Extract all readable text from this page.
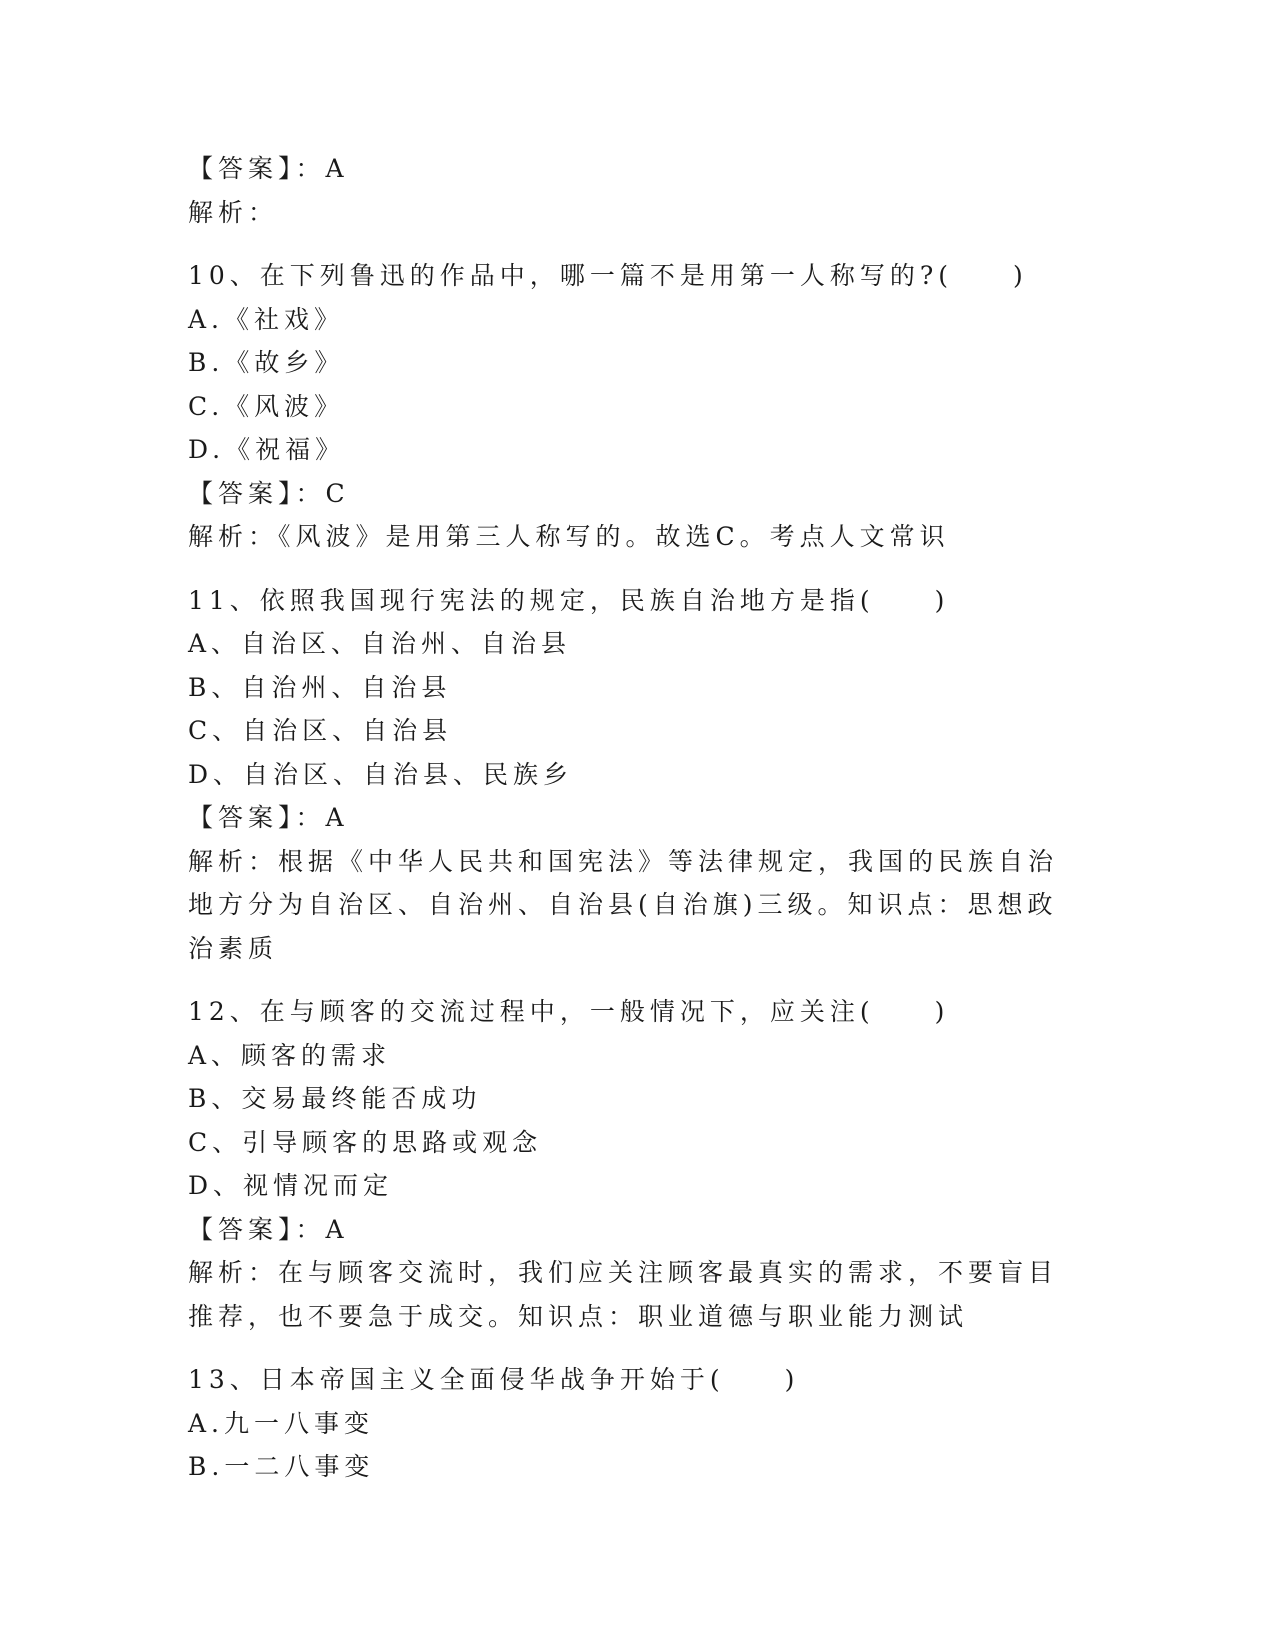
【答案】：A
解析：
10、在下列鲁迅的作品中，哪一篇不是用第一人称写的?(　　)
A.《社戏》
B.《故乡》
C.《风波》
D.《祝福》
【答案】：C
解析：《风波》是用第三人称写的。故选C。考点人文常识
11、依照我国现行宪法的规定，民族自治地方是指(　　)
A、自治区、自治州、自治县
B、自治州、自治县
C、自治区、自治县
D、自治区、自治县、民族乡
【答案】：A
解析：根据《中华人民共和国宪法》等法律规定，我国的民族自治地方分为自治区、自治州、自治县(自治旗)三级。知识点：思想政治素质
12、在与顾客的交流过程中，一般情况下，应关注(　　)
A、顾客的需求
B、交易最终能否成功
C、引导顾客的思路或观念
D、视情况而定
【答案】：A
解析：在与顾客交流时，我们应关注顾客最真实的需求，不要盲目推荐，也不要急于成交。知识点：职业道德与职业能力测试
13、日本帝国主义全面侵华战争开始于(　　)
A.九一八事变
B.一二八事变
